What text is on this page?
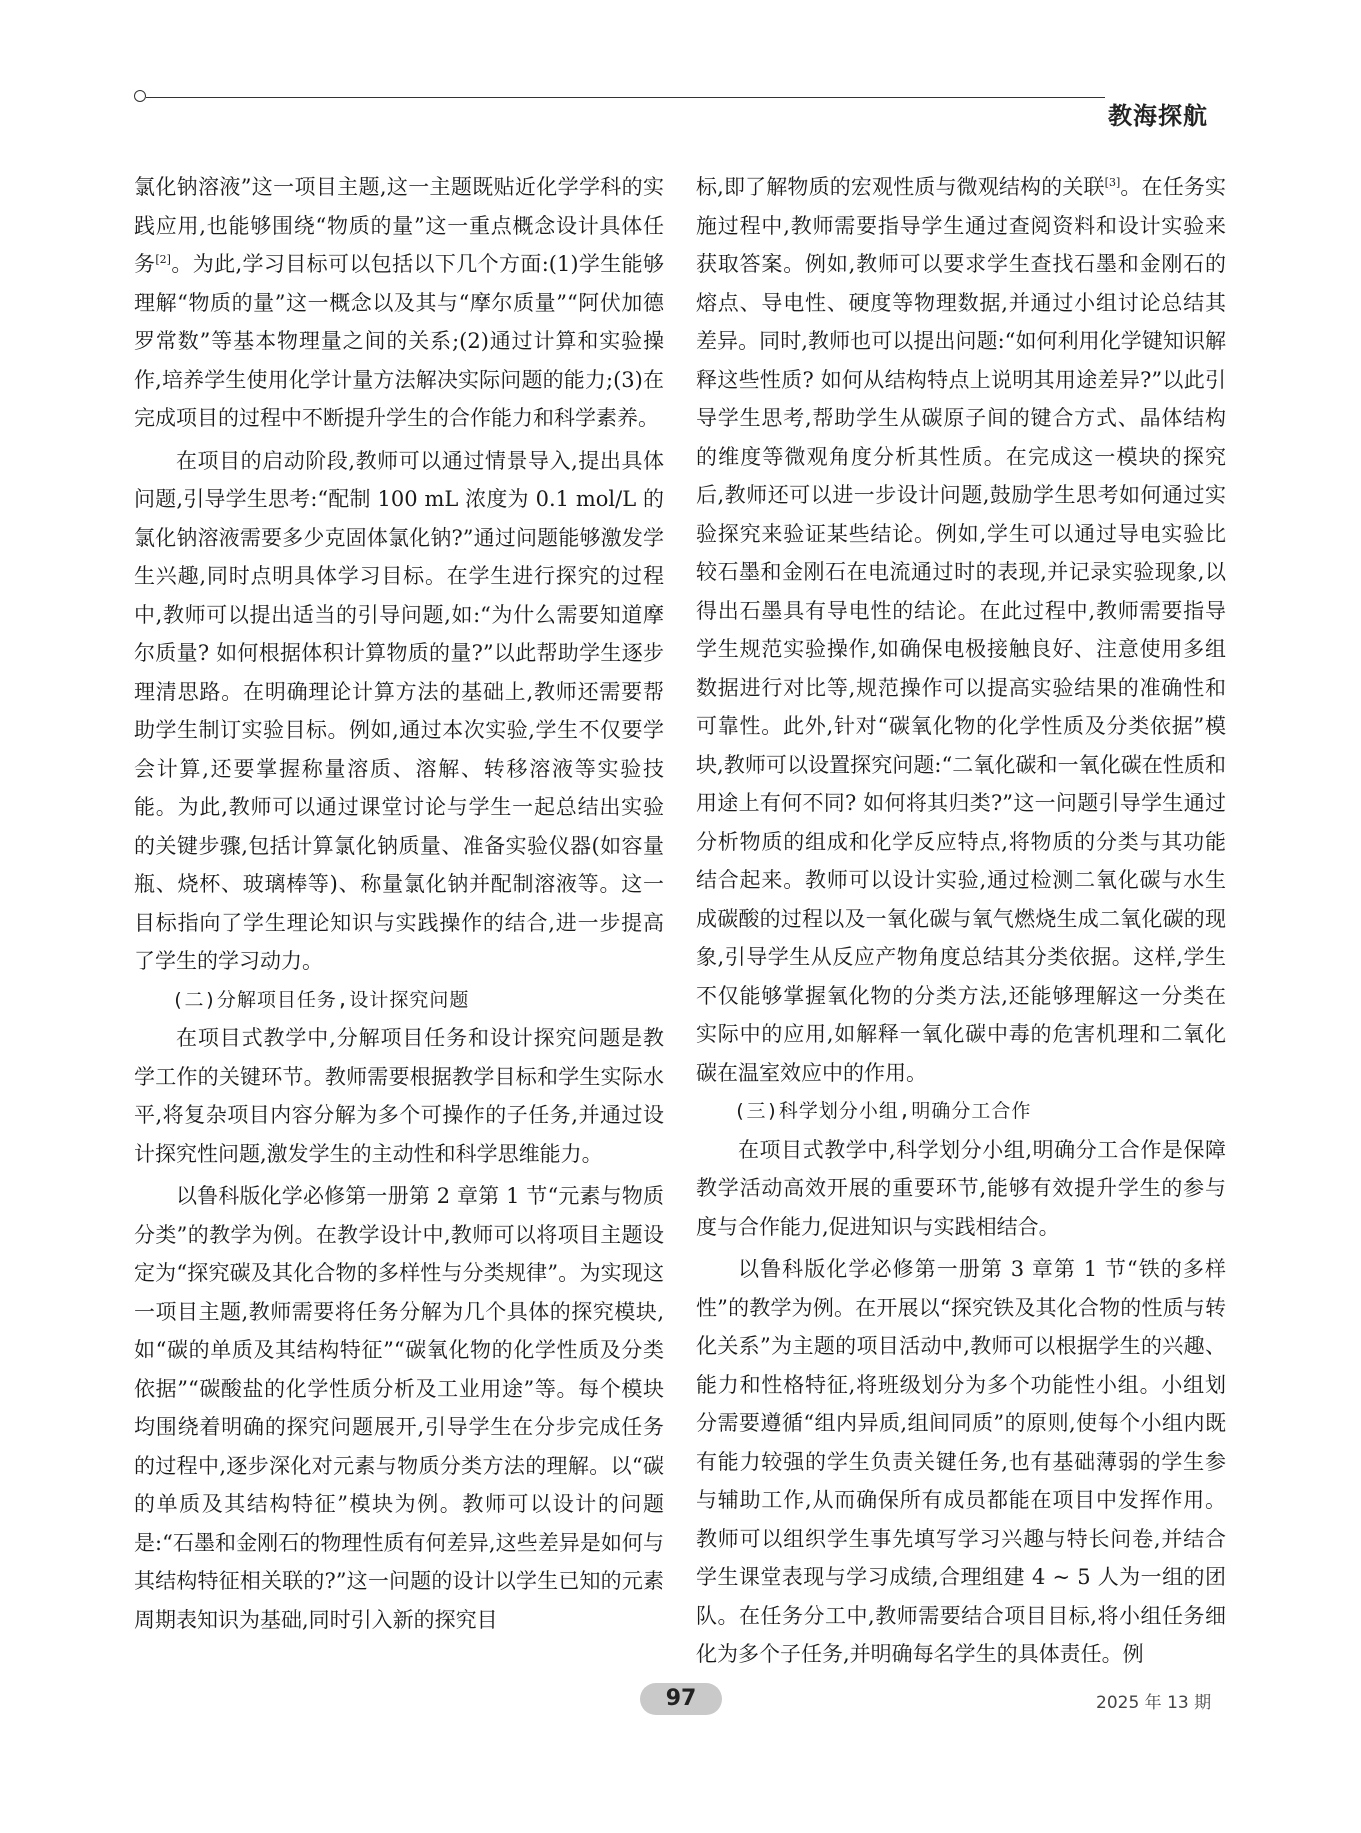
教海探航

氯化钠溶液”这一项目主题,这一主题既贴近化学学科的实践应用,也能够围绕“物质的量”这一重点概念设计具体任务[2]。为此,学习目标可以包括以下几个方面:(1)学生能够理解“物质的量”这一概念以及其与“摩尔质量”“阿伏加德罗常数”等基本物理量之间的关系;(2)通过计算和实验操作,培养学生使用化学计量方法解决实际问题的能力;(3)在完成项目的过程中不断提升学生的合作能力和科学素养。

在项目的启动阶段,教师可以通过情景导入,提出具体问题,引导学生思考:“配制 100 mL 浓度为 0.1 mol/L 的氯化钠溶液需要多少克固体氯化钠?”通过问题能够激发学生兴趣,同时点明具体学习目标。在学生进行探究的过程中,教师可以提出适当的引导问题,如:“为什么需要知道摩尔质量? 如何根据体积计算物质的量?”以此帮助学生逐步理清思路。在明确理论计算方法的基础上,教师还需要帮助学生制订实验目标。例如,通过本次实验,学生不仅要学会计算,还要掌握称量溶质、溶解、转移溶液等实验技能。为此,教师可以通过课堂讨论与学生一起总结出实验的关键步骤,包括计算氯化钠质量、准备实验仪器(如容量瓶、烧杯、玻璃棒等)、称量氯化钠并配制溶液等。这一目标指向了学生理论知识与实践操作的结合,进一步提高了学生的学习动力。

(二)分解项目任务,设计探究问题

在项目式教学中,分解项目任务和设计探究问题是教学工作的关键环节。教师需要根据教学目标和学生实际水平,将复杂项目内容分解为多个可操作的子任务,并通过设计探究性问题,激发学生的主动性和科学思维能力。

以鲁科版化学必修第一册第 2 章第 1 节“元素与物质分类”的教学为例。在教学设计中,教师可以将项目主题设定为“探究碳及其化合物的多样性与分类规律”。为实现这一项目主题,教师需要将任务分解为几个具体的探究模块,如“碳的单质及其结构特征”“碳氧化物的化学性质及分类依据”“碳酸盐的化学性质分析及工业用途”等。每个模块均围绕着明确的探究问题展开,引导学生在分步完成任务的过程中,逐步深化对元素与物质分类方法的理解。以“碳的单质及其结构特征”模块为例。教师可以设计的问题是:“石墨和金刚石的物理性质有何差异,这些差异是如何与其结构特征相关联的?”这一问题的设计以学生已知的元素周期表知识为基础,同时引入新的探究目

标,即了解物质的宏观性质与微观结构的关联[3]。在任务实施过程中,教师需要指导学生通过查阅资料和设计实验来获取答案。例如,教师可以要求学生查找石墨和金刚石的熔点、导电性、硬度等物理数据,并通过小组讨论总结其差异。同时,教师也可以提出问题:“如何利用化学键知识解释这些性质? 如何从结构特点上说明其用途差异?”以此引导学生思考,帮助学生从碳原子间的键合方式、晶体结构的维度等微观角度分析其性质。在完成这一模块的探究后,教师还可以进一步设计问题,鼓励学生思考如何通过实验探究来验证某些结论。例如,学生可以通过导电实验比较石墨和金刚石在电流通过时的表现,并记录实验现象,以得出石墨具有导电性的结论。在此过程中,教师需要指导学生规范实验操作,如确保电极接触良好、注意使用多组数据进行对比等,规范操作可以提高实验结果的准确性和可靠性。此外,针对“碳氧化物的化学性质及分类依据”模块,教师可以设置探究问题:“二氧化碳和一氧化碳在性质和用途上有何不同? 如何将其归类?”这一问题引导学生通过分析物质的组成和化学反应特点,将物质的分类与其功能结合起来。教师可以设计实验,通过检测二氧化碳与水生成碳酸的过程以及一氧化碳与氧气燃烧生成二氧化碳的现象,引导学生从反应产物角度总结其分类依据。这样,学生不仅能够掌握氧化物的分类方法,还能够理解这一分类在实际中的应用,如解释一氧化碳中毒的危害机理和二氧化碳在温室效应中的作用。

(三)科学划分小组,明确分工合作

在项目式教学中,科学划分小组,明确分工合作是保障教学活动高效开展的重要环节,能够有效提升学生的参与度与合作能力,促进知识与实践相结合。

以鲁科版化学必修第一册第 3 章第 1 节“铁的多样性”的教学为例。在开展以“探究铁及其化合物的性质与转化关系”为主题的项目活动中,教师可以根据学生的兴趣、能力和性格特征,将班级划分为多个功能性小组。小组划分需要遵循“组内异质,组间同质”的原则,使每个小组内既有能力较强的学生负责关键任务,也有基础薄弱的学生参与辅助工作,从而确保所有成员都能在项目中发挥作用。教师可以组织学生事先填写学习兴趣与特长问卷,并结合学生课堂表现与学习成绩,合理组建 4 ~ 5 人为一组的团队。在任务分工中,教师需要结合项目目标,将小组任务细化为多个子任务,并明确每名学生的具体责任。例

97	2025 年 13 期
